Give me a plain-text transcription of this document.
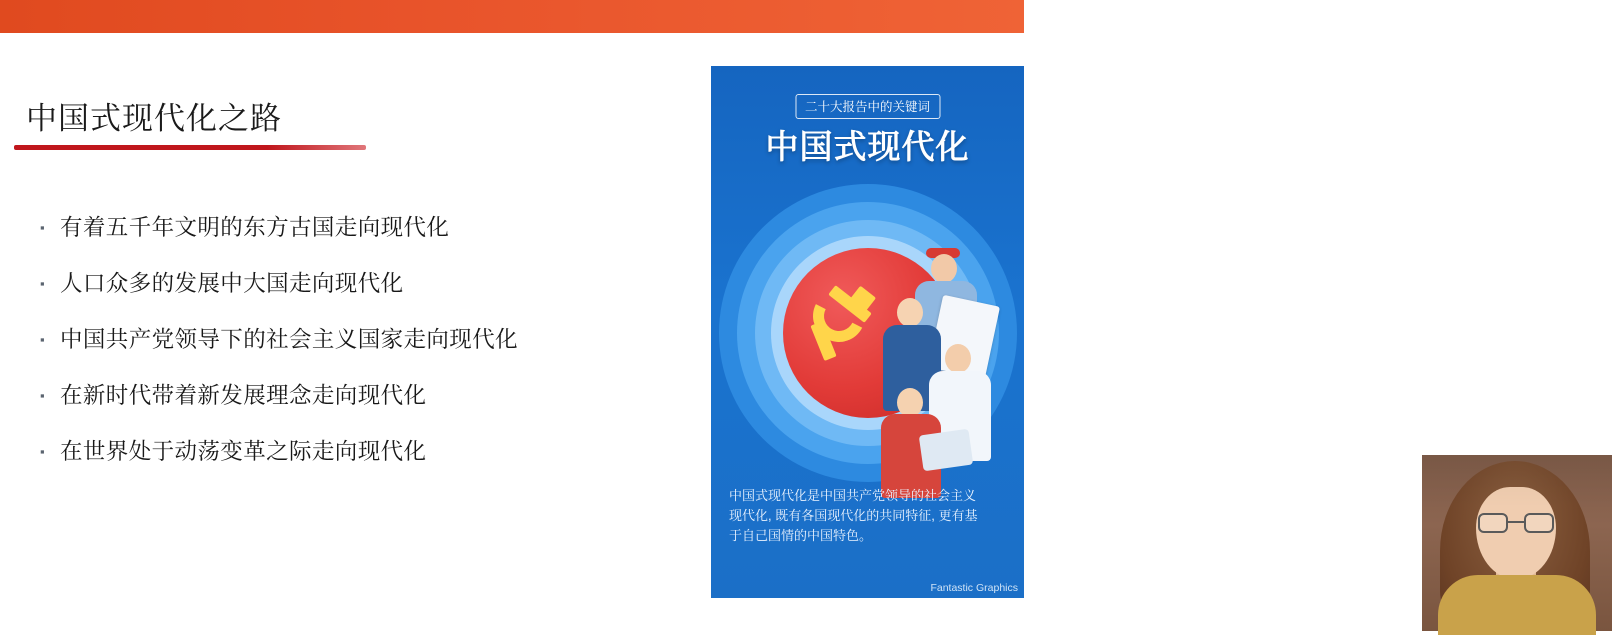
中国式现代化之路
▪ 有着五千年文明的东方古国走向现代化
▪ 人口众多的发展中大国走向现代化
▪ 中国共产党领导下的社会主义国家走向现代化
▪ 在新时代带着新发展理念走向现代化
▪ 在世界处于动荡变革之际走向现代化
二十大报告中的关键词
中国式现代化
中国式现代化是中国共产党领导的社会主义现代化, 既有各国现代化的共同特征, 更有基于自己国情的中国特色。
Fantastic Graphics
